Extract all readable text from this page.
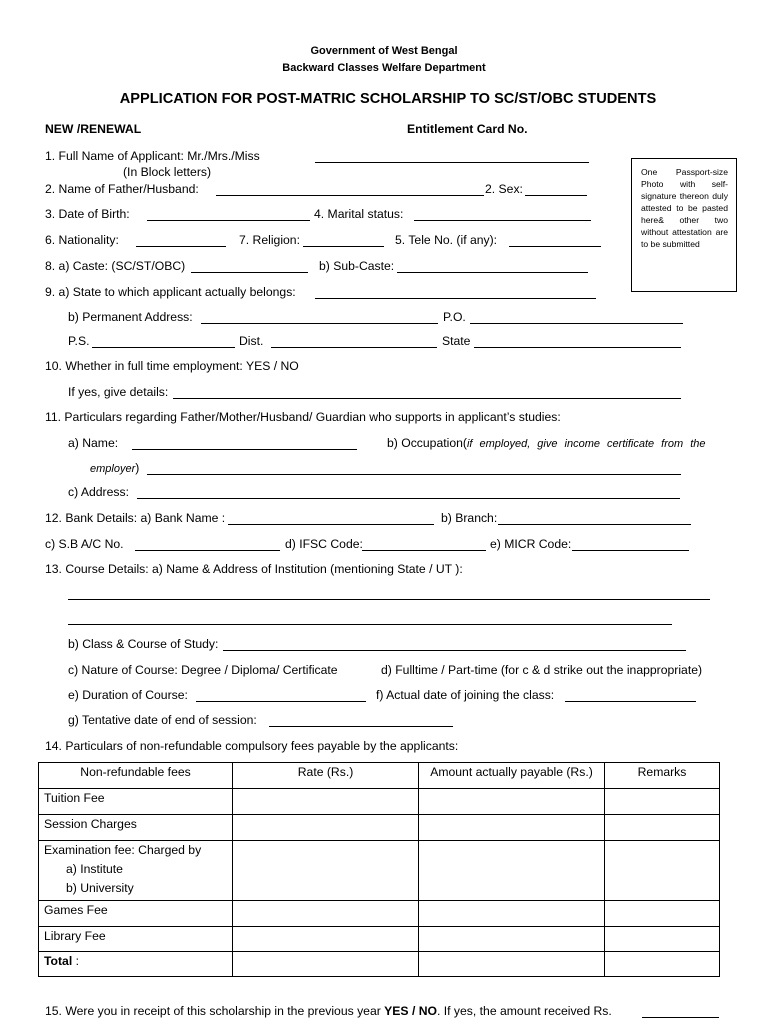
Government of West Bengal
Backward Classes Welfare Department
APPLICATION FOR POST-MATRIC SCHOLARSHIP TO SC/ST/OBC STUDENTS
NEW /RENEWAL	Entitlement Card No.
One Passport-size Photo with self-signature thereon duly attested to be pasted here& other two without attestation are to be submitted
1. Full Name of Applicant: Mr./Mrs./Miss
(In Block letters)
2. Name of Father/Husband:	2. Sex:
3. Date of Birth:	4. Marital status:
6. Nationality:	7. Religion:	5. Tele No. (if any):
8. a) Caste: (SC/ST/OBC)	b) Sub-Caste:
9. a) State to which applicant actually belongs:
b) Permanent Address:	P.O.
P.S.	Dist.	State
10. Whether in full time employment: YES / NO
If yes, give details:
11. Particulars regarding Father/Mother/Husband/ Guardian who supports in applicant’s studies:
a) Name:	b) Occupation(if employed, give income certificate from the
employer)
c) Address:
12. Bank Details: a) Bank Name :	b) Branch:
c) S.B A/C No.	d) IFSC Code:	e) MICR Code:
13. Course Details: a) Name & Address of Institution (mentioning State / UT ):
b) Class & Course of Study:
c) Nature of Course: Degree / Diploma/ Certificate	d) Fulltime / Part-time (for c & d strike out the inappropriate)
e) Duration of Course:	f) Actual date of joining the class:
g) Tentative date of end of session:
14. Particulars of non-refundable compulsory fees payable by the applicants:
Non-refundable fees	Rate (Rs.)	Amount actually payable (Rs.)	Remarks
Tuition Fee			
Session Charges			
Examination fee: Charged by
a) Institute
b) University			

Games Fee			
Library Fee			
Total :			
15. Were you in receipt of this scholarship in the previous year YES / NO. If yes, the amount received Rs.
